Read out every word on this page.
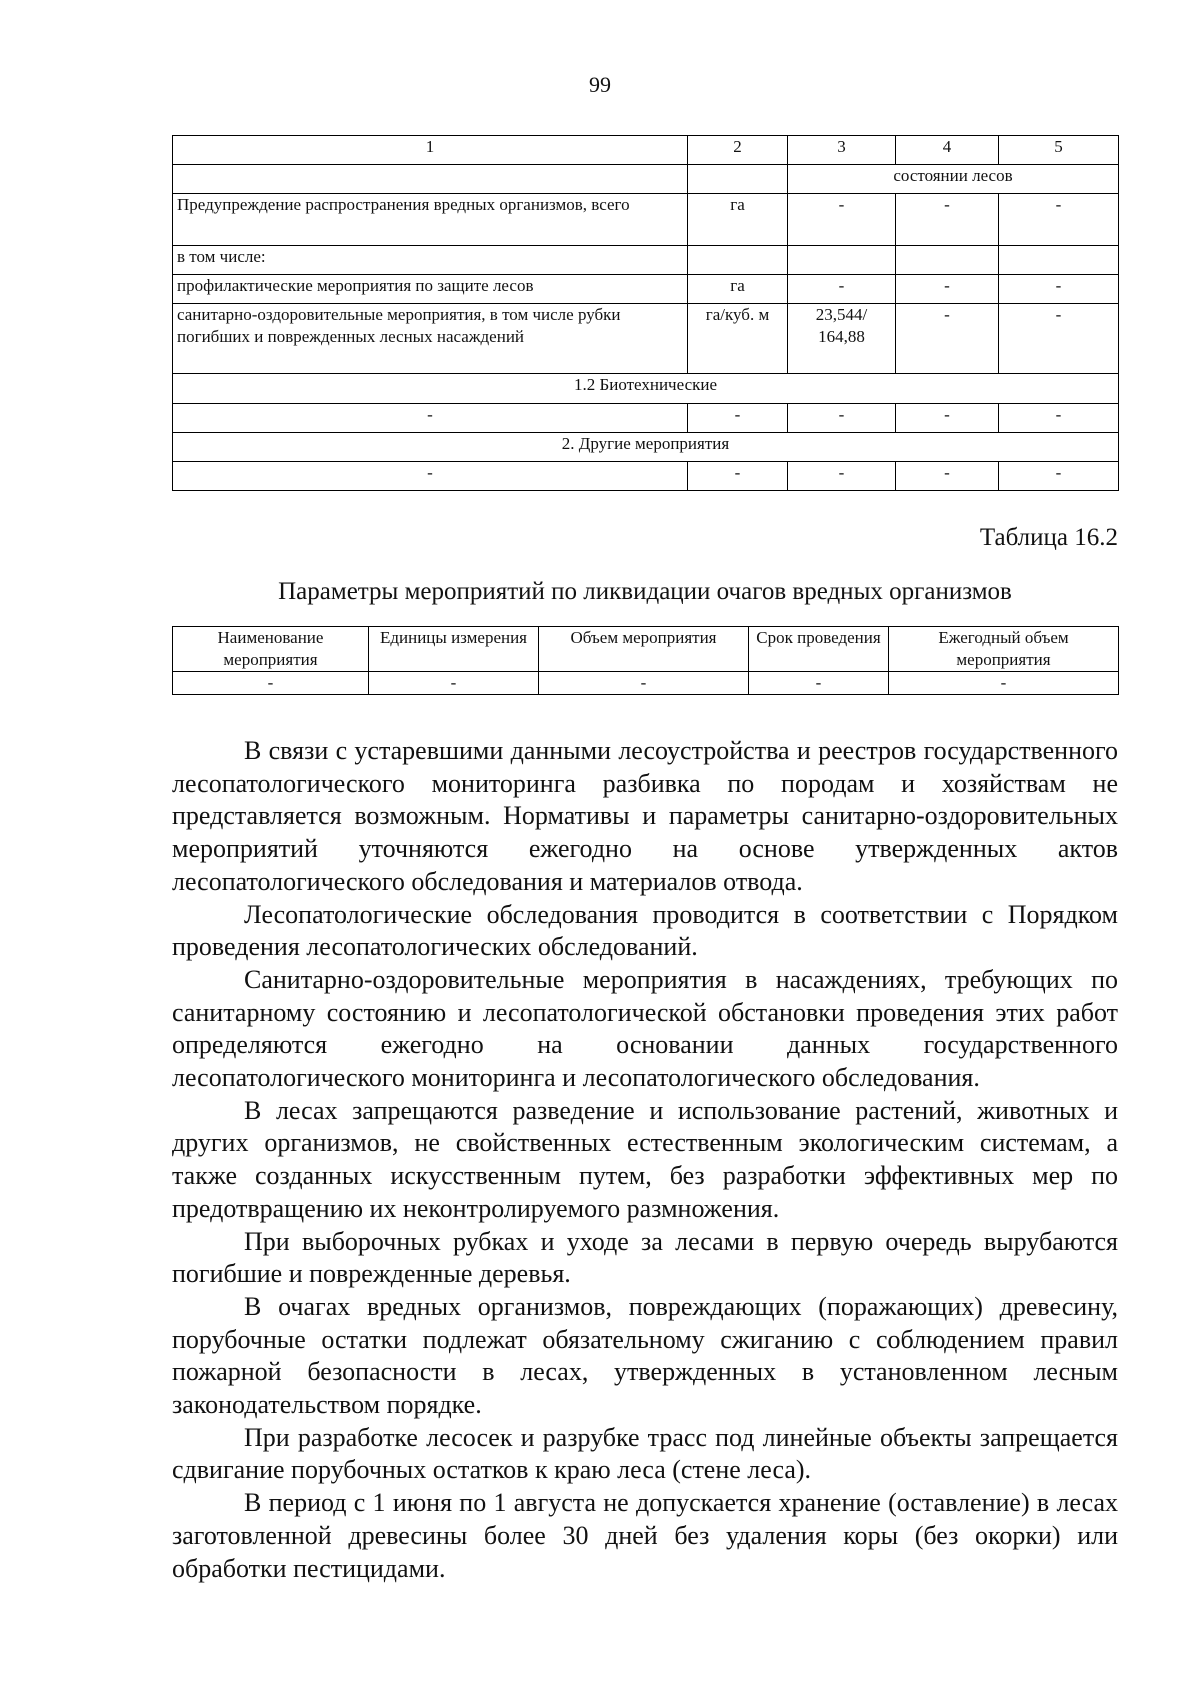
99
1	2	3	4	5
		состоянии лесов		
Предупреждение распространения вредных организмов, всего	га	-	-	-
в том числе:				
профилактические мероприятия по защите лесов	га	-	-	-
санитарно-оздоровительные мероприятия, в том числе рубки погибших и поврежденных лесных насаждений	га/куб. м	23,544/ 164,88	-	-
1.2 Биотехнические				
-	-	-	-	-
2. Другие мероприятия				
-	-	-	-	-
Таблица 16.2
Параметры мероприятий по ликвидации очагов вредных организмов
Наименование мероприятия	Единицы измерения	Объем мероприятия	Срок проведения	Ежегодный объем мероприятия
-	-	-	-	-

В связи с устаревшими данными лесоустройства и реестров государственного лесопатологического мониторинга разбивка по породам и хозяйствам не представляется возможным. Нормативы и параметры санитарно-оздоровительных мероприятий уточняются ежегодно на основе утвержденных актов лесопатологического обследования и материалов отвода.

Лесопатологические обследования проводится в соответствии с Порядком проведения лесопатологических обследований.

Санитарно-оздоровительные мероприятия в насаждениях, требующих по санитарному состоянию и лесопатологической обстановки проведения этих работ определяются ежегодно на основании данных государственного лесопатологического мониторинга и лесопатологического обследования.

В лесах запрещаются разведение и использование растений, животных и других организмов, не свойственных естественным экологическим системам, а также созданных искусственным путем, без разработки эффективных мер по предотвращению их неконтролируемого размножения.

При выборочных рубках и уходе за лесами в первую очередь вырубаются погибшие и поврежденные деревья.

В очагах вредных организмов, повреждающих (поражающих) древесину, порубочные остатки подлежат обязательному сжиганию с соблюдением правил пожарной безопасности в лесах, утвержденных в установленном лесным законодательством порядке.

При разработке лесосек и разрубке трасс под линейные объекты запрещается сдвигание порубочных остатков к краю леса (стене леса).

В период с 1 июня по 1 августа не допускается хранение (оставление) в лесах заготовленной древесины более 30 дней без удаления коры (без окорки) или обработки пестицидами.
